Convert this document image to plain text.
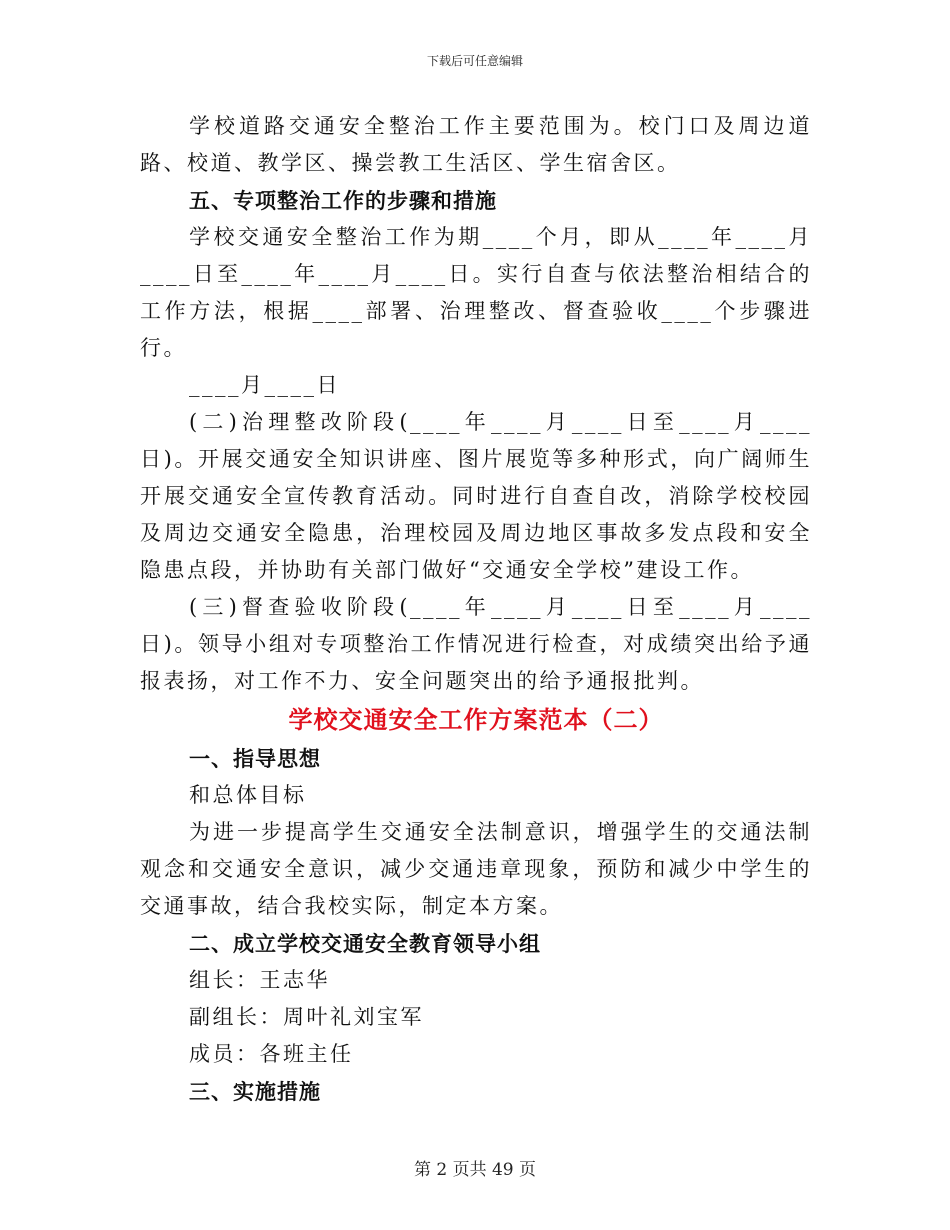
下载后可任意编辑

学校道路交通安全整治工作主要范围为。校门口及周边道路、校道、教学区、操尝教工生活区、学生宿舍区。

五、专项整治工作的步骤和措施

学校交通安全整治工作为期____个月，即从____年____月____日至____年____月____日。实行自查与依法整治相结合的工作方法，根据____部署、治理整改、督查验收____个步骤进行。

____月____日

(二)治理整改阶段(____年____月____日至____月____日)。开展交通安全知识讲座、图片展览等多种形式，向广阔师生开展交通安全宣传教育活动。同时进行自查自改，消除学校校园及周边交通安全隐患，治理校园及周边地区事故多发点段和安全隐患点段，并协助有关部门做好“交通安全学校”建设工作。

(三)督查验收阶段(____年____月____日至____月____日)。领导小组对专项整治工作情况进行检查，对成绩突出给予通报表扬，对工作不力、安全问题突出的给予通报批判。

学校交通安全工作方案范本（二）

一、指导思想

和总体目标

为进一步提高学生交通安全法制意识，增强学生的交通法制观念和交通安全意识，减少交通违章现象，预防和减少中学生的交通事故，结合我校实际，制定本方案。

二、成立学校交通安全教育领导小组

组长：王志华

副组长：周叶礼刘宝军

成员：各班主任

三、实施措施

第 2 页共 49 页
